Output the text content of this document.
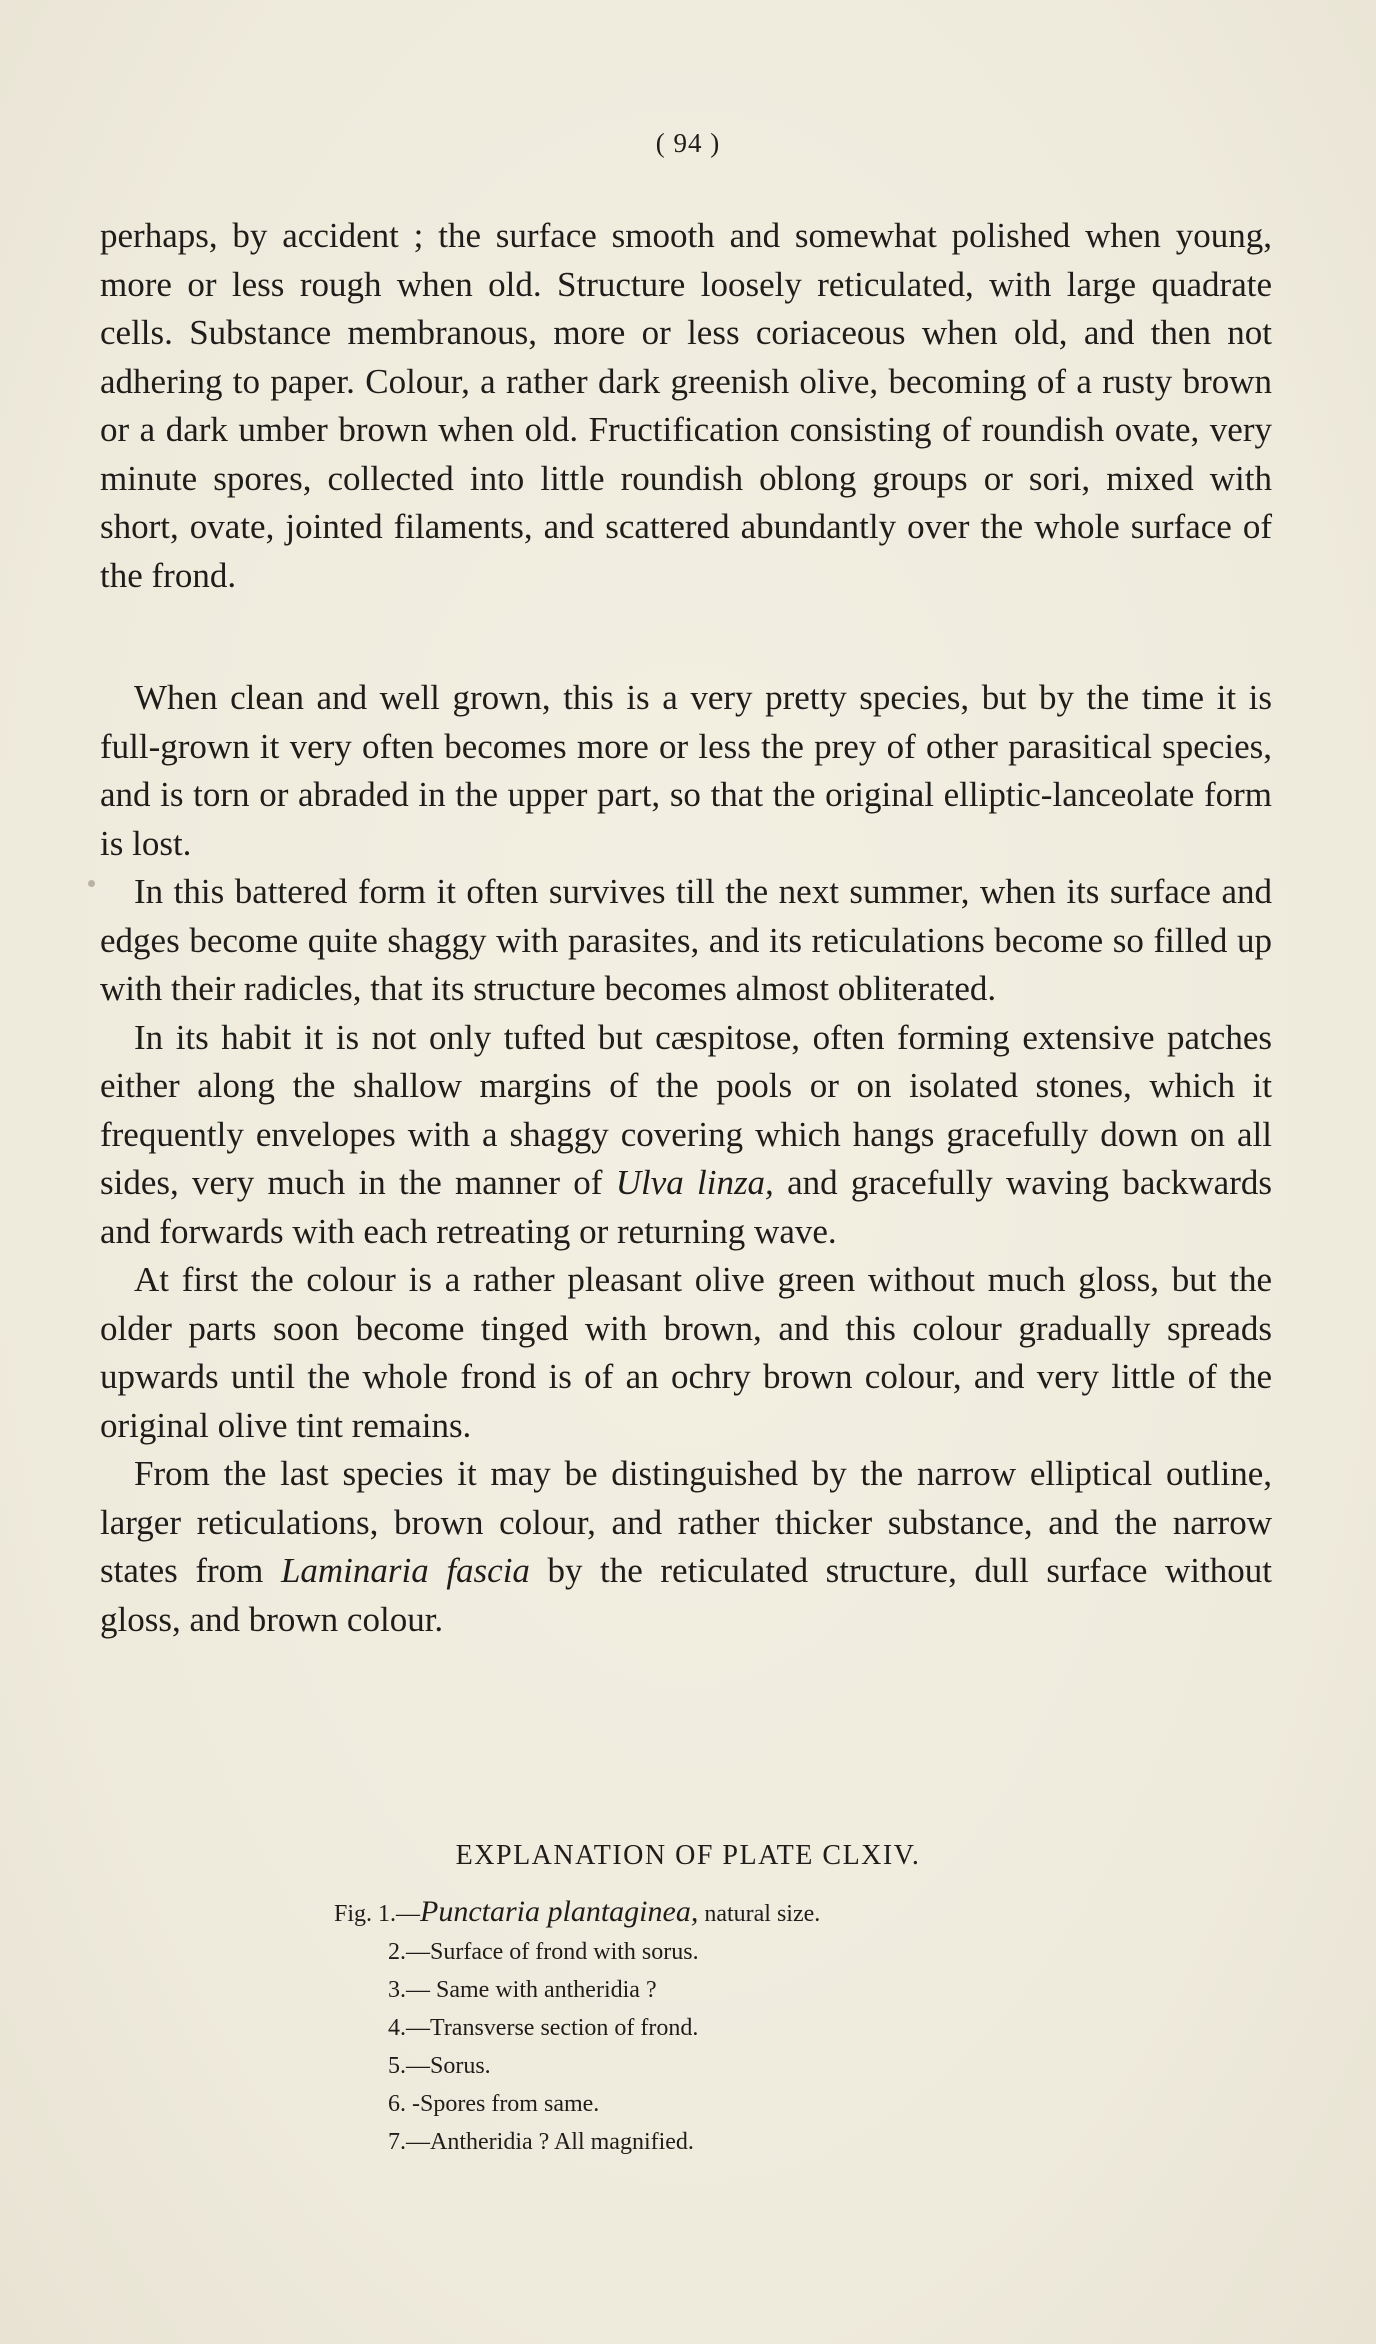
( 94 )

perhaps, by accident ; the surface smooth and somewhat polished when young, more or less rough when old. Structure loosely reticulated, with large quadrate cells. Substance membranous, more or less coriaceous when old, and then not adhering to paper. Colour, a rather dark greenish olive, becoming of a rusty brown or a dark umber brown when old. Fructification consisting of roundish ovate, very minute spores, collected into little roundish oblong groups or sori, mixed with short, ovate, jointed filaments, and scattered abundantly over the whole surface of the frond.

When clean and well grown, this is a very pretty species, but by the time it is full-grown it very often becomes more or less the prey of other parasitical species, and is torn or abraded in the upper part, so that the original elliptic-lanceolate form is lost.

In this battered form it often survives till the next summer, when its surface and edges become quite shaggy with parasites, and its reticulations become so filled up with their radicles, that its structure becomes almost obliterated.

In its habit it is not only tufted but cæspitose, often forming extensive patches either along the shallow margins of the pools or on isolated stones, which it frequently envelopes with a shaggy covering which hangs gracefully down on all sides, very much in the manner of Ulva linza, and gracefully waving backwards and forwards with each retreating or returning wave.

At first the colour is a rather pleasant olive green without much gloss, but the older parts soon become tinged with brown, and this colour gradually spreads upwards until the whole frond is of an ochry brown colour, and very little of the original olive tint remains.

From the last species it may be distinguished by the narrow elliptical outline, larger reticulations, brown colour, and rather thicker substance, and the narrow states from Laminaria fascia by the reticulated structure, dull surface without gloss, and brown colour.

EXPLANATION OF PLATE CLXIV.
Fig. 1.—Punctaria plantaginea, natural size.
2.—Surface of frond with sorus.
3.— Same with antheridia ?
4.—Transverse section of frond.
5.—Sorus.
6. -Spores from same.
7.—Antheridia ? All magnified.
